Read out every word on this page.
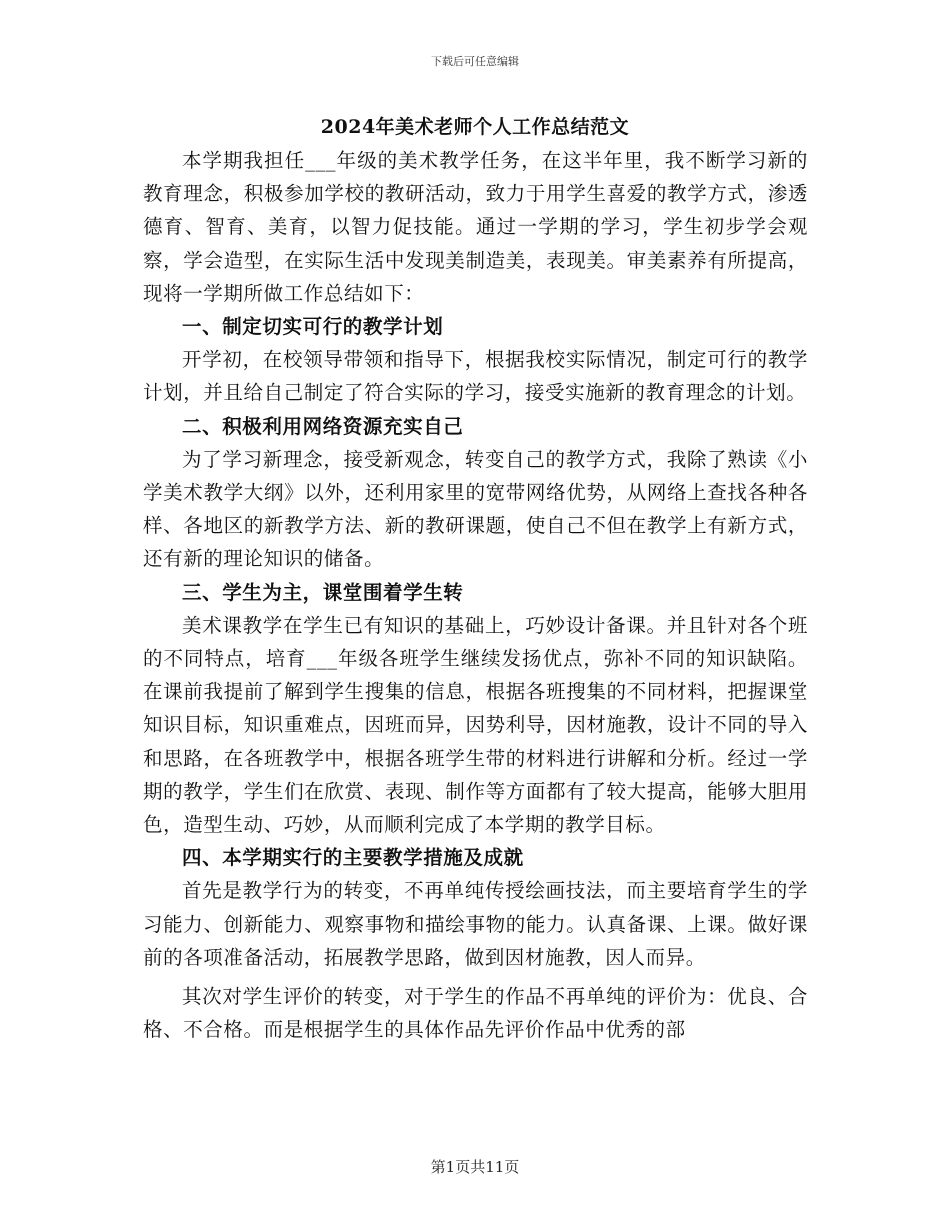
下载后可任意编辑
2024年美术老师个人工作总结范文

本学期我担任___年级的美术教学任务，在这半年里，我不断学习新的教育理念，积极参加学校的教研活动，致力于用学生喜爱的教学方式，渗透德育、智育、美育，以智力促技能。通过一学期的学习，学生初步学会观察，学会造型，在实际生活中发现美制造美，表现美。审美素养有所提高，现将一学期所做工作总结如下：

一、制定切实可行的教学计划

开学初，在校领导带领和指导下，根据我校实际情况，制定可行的教学计划，并且给自己制定了符合实际的学习，接受实施新的教育理念的计划。

二、积极利用网络资源充实自己

为了学习新理念，接受新观念，转变自己的教学方式，我除了熟读《小学美术教学大纲》以外，还利用家里的宽带网络优势，从网络上查找各种各样、各地区的新教学方法、新的教研课题，使自己不但在教学上有新方式，还有新的理论知识的储备。

三、学生为主，课堂围着学生转

美术课教学在学生已有知识的基础上，巧妙设计备课。并且针对各个班的不同特点，培育___年级各班学生继续发扬优点，弥补不同的知识缺陷。在课前我提前了解到学生搜集的信息，根据各班搜集的不同材料，把握课堂知识目标，知识重难点，因班而异，因势利导，因材施教，设计不同的导入和思路，在各班教学中，根据各班学生带的材料进行讲解和分析。经过一学期的教学，学生们在欣赏、表现、制作等方面都有了较大提高，能够大胆用色，造型生动、巧妙，从而顺利完成了本学期的教学目标。

四、本学期实行的主要教学措施及成就

首先是教学行为的转变，不再单纯传授绘画技法，而主要培育学生的学习能力、创新能力、观察事物和描绘事物的能力。认真备课、上课。做好课前的各项准备活动，拓展教学思路，做到因材施教，因人而异。

其次对学生评价的转变，对于学生的作品不再单纯的评价为：优良、合格、不合格。而是根据学生的具体作品先评价作品中优秀的部

第1页共11页
